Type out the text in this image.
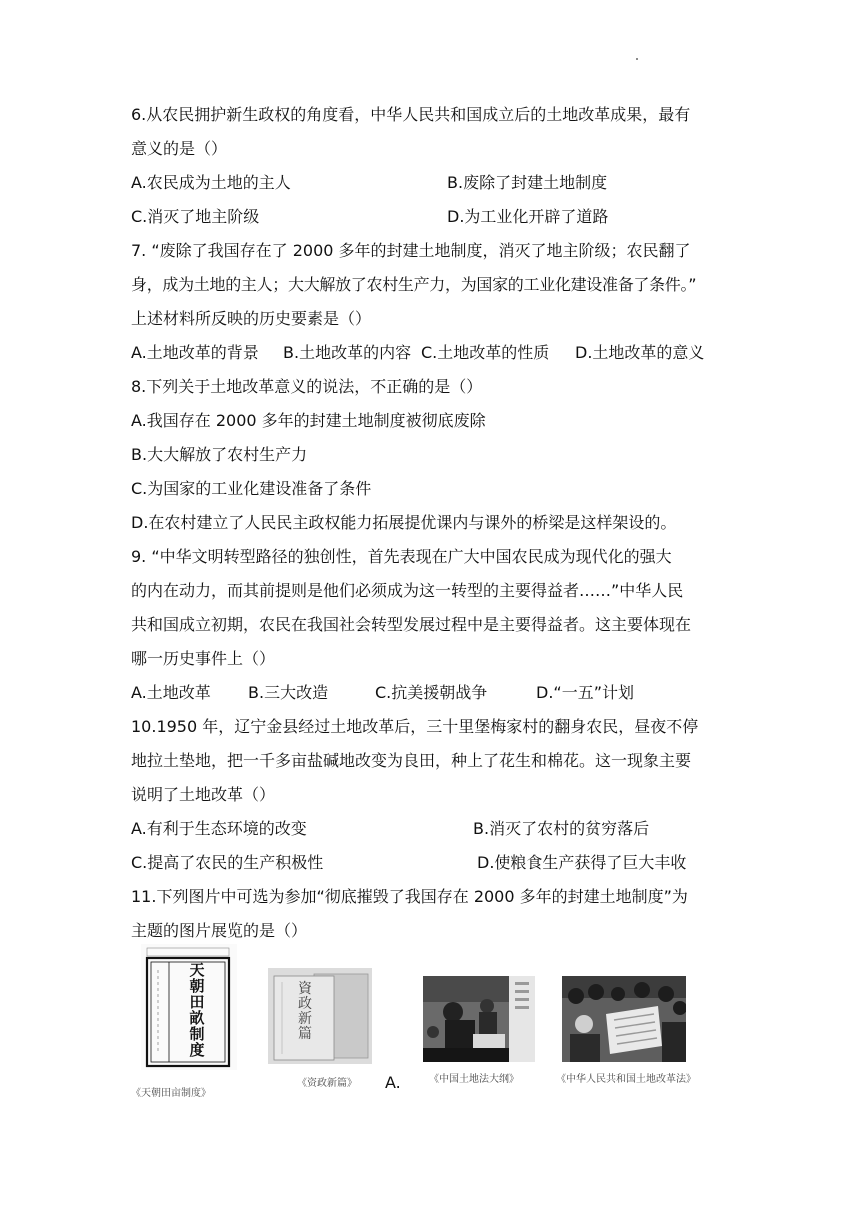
6.从农民拥护新生政权的角度看，中华人民共和国成立后的土地改革成果，最有
意义的是（）
A.农民成为土地的主人	B.废除了封建土地制度
C.消灭了地主阶级	D.为工业化开辟了道路
7. “废除了我国存在了 2000 多年的封建土地制度，消灭了地主阶级；农民翻了
身，成为土地的主人；大大解放了农村生产力，为国家的工业化建设准备了条件。”
上述材料所反映的历史要素是（）
A.土地改革的背景 B.土地改革的内容 C.土地改革的性质 D.土地改革的意义
8.下列关于土地改革意义的说法，不正确的是（）
A.我国存在 2000 多年的封建土地制度被彻底废除
B.大大解放了农村生产力
C.为国家的工业化建设准备了条件
D.在农村建立了人民民主政权能力拓展提优课内与课外的桥梁是这样架设的。
9. “中华文明转型路径的独创性，首先表现在广大中国农民成为现代化的强大
的内在动力，而其前提则是他们必须成为这一转型的主要得益者……”中华人民
共和国成立初期，农民在我国社会转型发展过程中是主要得益者。这主要体现在
哪一历史事件上（）
A.土地改革 B.三大改造	C.抗美援朝战争	D.“一五”计划
10.1950 年，辽宁金县经过土地改革后，三十里堡梅家村的翻身农民，昼夜不停
地拉土垫地，把一千多亩盐碱地改变为良田，种上了花生和棉花。这一现象主要
说明了土地改革（）
A.有利于生态环境的改变	B.消灭了农村的贫穷落后
C.提高了农民的生产积极性	D.使粮食生产获得了巨大丰收
11.下列图片中可选为参加“彻底摧毁了我国存在 2000 多年的封建土地制度”为
主题的图片展览的是（）
天
朝
田
畝
制
度
《天朝田亩制度》
資
政
新
篇
《资政新篇》	《中国土地法大纲》	《中华人民共和国土地改革法》
A.
